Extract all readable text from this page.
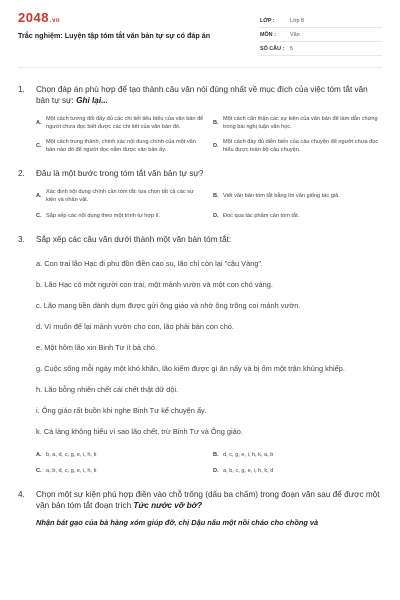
2048.vn
Trắc nghiệm: Luyện tập tóm tắt văn bản tự sự có đáp án
LỚP :	Lớp 8
MÔN :	Văn
SỐ CÂU :	5
1.	Chọn đáp án phù hợp để tạo thành câu văn nói đúng nhất về mục đích của việc tóm tắt văn bản tự sự: Ghi lại...
A.
Một cách tương đối đầy đủ các chi tiết tiêu biểu của văn bản để người chưa đọc biết được các chi tiết của văn bản đó.
B.
Một cách cẩn thận các sự kiện của văn bản để làm dẫn chứng trong bài nghị luận văn học.
C.
Một cách trung thành, chính xác nội dung chính của một văn bản nào đó để người đọc nắm được văn bản ấy.
D.
Một cách đầy đủ diễn biến của câu chuyện để người chưa đọc hiểu được toàn bộ câu chuyện.
2.	Đâu là một bước trong tóm tắt văn bản tự sự?
A.
Xác định nội dung chính cần tóm tắt: lựa chọn tất cả các sự kiện và nhân vật.
B. Viết văn bản tóm tắt bằng lời văn giống tác giả.
C. Sắp xếp các nội dung theo một trình tự hợp lí.	D. Đọc qua tác phẩm cần tóm tắt.
3.	Sắp xếp các câu văn dưới thành một văn bản tóm tắt:
a. Con trai lão Hạc đi phu đồn điền cao su, lão chỉ còn lại "cậu Vàng".
b. Lão Hạc có một người con trai, một mảnh vườn và một con chó vàng.
c. Lão mang tiền dành dụm được gửi ông giáo và nhờ ông trông coi mảnh vườn.
d. Vì muốn để lại mảnh vườn cho con, lão phải bán con chó.
e. Một hôm lão xin Binh Tư ít bả chó.
g. Cuộc sống mỗi ngày một khó khăn, lão kiếm được gì ăn nấy và bị ốm một trận khủng khiếp.
h. Lão bỗng nhiên chết cái chết thật dữ dội.
i. Ông giáo rất buồn khi nghe Binh Tư kể chuyện ấy.
k. Cả làng không hiểu vì sao lão chết, trừ Binh Tư và Ông giáo.
A. b, a, d, c, g, e, i, h, k	B. d, c, g, e, i, h, k, a, b
C. a, b, d, c, g, e, i, h, k	D. a, b, c, g, e, i, h, k, d
4.	Chọn một sự kiện phù hợp điền vào chỗ trống (dấu ba chấm) trong đoạn văn sau để được một văn bản tóm tắt đoạn trích Tức nước vỡ bờ?
Nhận bát gạo của bà hàng xóm giúp đỡ, chị Dậu nấu một nồi cháo cho chồng và
